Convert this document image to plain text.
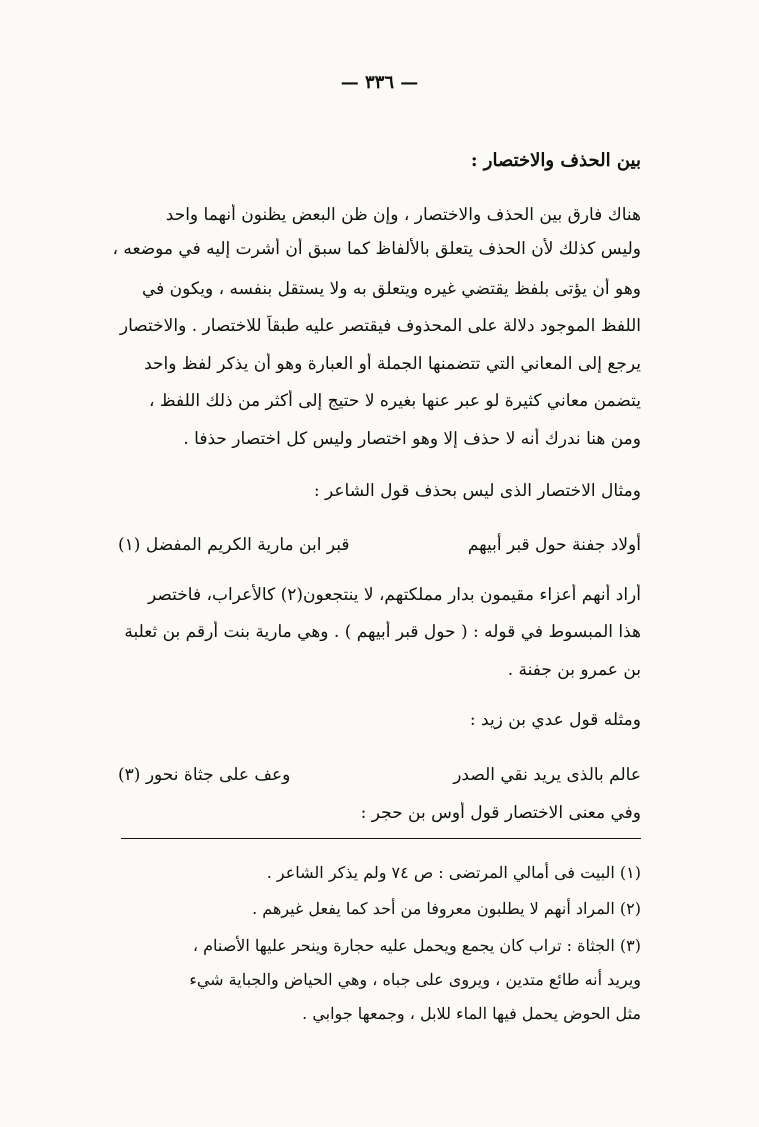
— ٣٣٦ —
بين الحذف والاختصار :
هناك فارق بين الحذف والاختصار ، وإن ظن البعض يظنون أنهما واحد
وليس كذلك لأن الحذف يتعلق بالألفاظ كما سبق أن أشرت إليه في موضعه ،
وهو أن يؤتى بلفظ يقتضي غيره ويتعلق به ولا يستقل بنفسه ، ويكون في
اللفظ الموجود دلالة على المحذوف فيقتصر عليه طبقاً للاختصار . والاختصار
يرجع إلى المعاني التي تتضمنها الجملة أو العبارة وهو أن يذكر لفظ واحد
يتضمن معاني كثيرة لو عبر عنها بغيره لا حتيج إلى أكثر من ذلك اللفظ ،
ومن هنا ندرك أنه لا حذف إلا وهو اختصار وليس كل اختصار حذفا .
ومثال الاختصار الذى ليس بحذف قول الشاعر :
أولاد جفنة حول قبر أبيهم
قبر ابن مارية الكريم المفضل (١)
أراد أنهم أعزاء مقيمون بدار مملكتهم، لا ينتجعون(٢) كالأعراب، فاختصر
هذا المبسوط في قوله : ( حول قبر أبيهم ) . وهي مارية بنت أرقم بن ثعلبة
بن عمرو بن جفنة .
ومثله قول عدي بن زيد :
عالم بالذى يريد نقي الصدر
وعف على جثاة نحور (٣)
وفي معنى الاختصار قول أوس بن حجر :
(١) البيت فى أمالي المرتضى : ص ٧٤ ولم يذكر الشاعر .
(٢) المراد أنهم لا يطلبون معروفا من أحد كما يفعل غيرهم .
(٣) الجثاة : تراب كان يجمع ويحمل عليه حجارة وينحر عليها الأصنام ،
ويريد أنه طائع متدين ، ويروى على جباه ، وهي الحياض والجباية شيء
مثل الحوض يحمل فيها الماء للابل ، وجمعها جوابي .
